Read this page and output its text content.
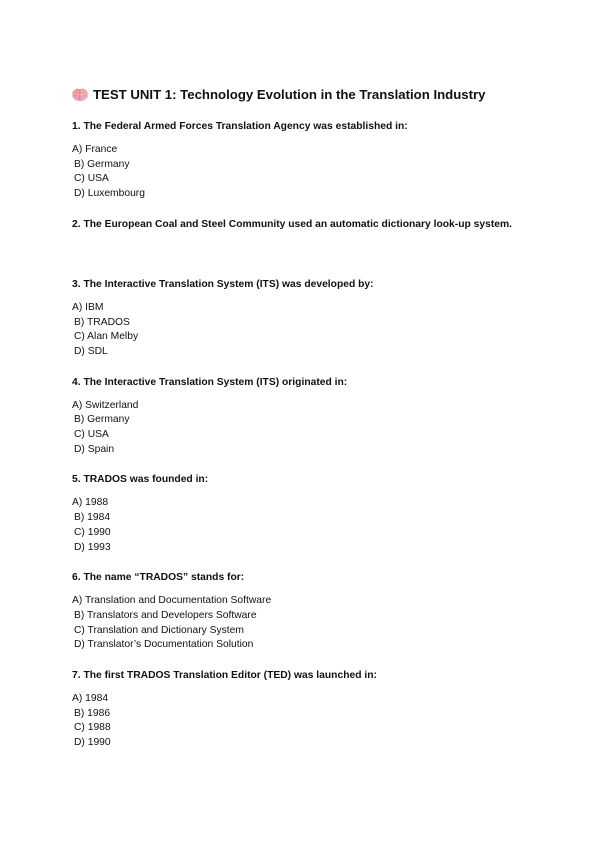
TEST UNIT 1: Technology Evolution in the Translation Industry
1. The Federal Armed Forces Translation Agency was established in:
A) France
B) Germany
C) USA
D) Luxembourg
2. The European Coal and Steel Community used an automatic dictionary look-up system.
3. The Interactive Translation System (ITS) was developed by:
A) IBM
B) TRADOS
C) Alan Melby
D) SDL
4. The Interactive Translation System (ITS) originated in:
A) Switzerland
B) Germany
C) USA
D) Spain
5. TRADOS was founded in:
A) 1988
B) 1984
C) 1990
D) 1993
6. The name “TRADOS” stands for:
A) Translation and Documentation Software
B) Translators and Developers Software
C) Translation and Dictionary System
D) Translator’s Documentation Solution
7. The first TRADOS Translation Editor (TED) was launched in:
A) 1984
B) 1986
C) 1988
D) 1990
